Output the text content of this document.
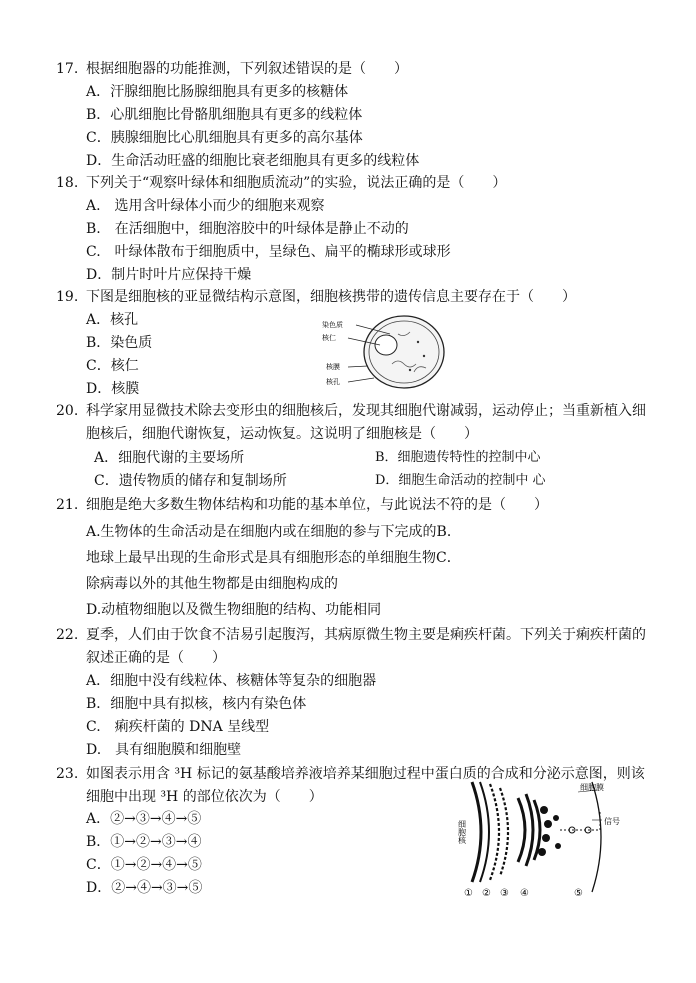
17. 根据细胞器的功能推测，下列叙述错误的是（　　）
A．汗腺细胞比肠腺细胞具有更多的核糖体
B．心肌细胞比骨骼肌细胞具有更多的线粒体
C．胰腺细胞比心肌细胞具有更多的高尔基体
D．生命活动旺盛的细胞比衰老细胞具有更多的线粒体
18. 下列关于“观察叶绿体和细胞质流动”的实验，说法正确的是（　　）
A.　选用含叶绿体小而少的细胞来观察
B.　在活细胞中，细胞溶胶中的叶绿体是静止不动的
C.　叶绿体散布于细胞质中，呈绿色、扁平的椭球形或球形
D．制片时叶片应保持干燥
19. 下图是细胞核的亚显微结构示意图，细胞核携带的遗传信息主要存在于（　　）
A．核孔
B．染色质
C．核仁
D．核膜
染色质
核仁
核膜
核孔
20. 科学家用显微技术除去变形虫的细胞核后，发现其细胞代谢减弱，运动停止；当重新植入细
胞核后，细胞代谢恢复，运动恢复。这说明了细胞核是（　　）
A．细胞代谢的主要场所	B．细胞遗传特性的控制中心
C．遗传物质的储存和复制场所	D．细胞生命活动的控制中 心
21. 细胞是绝大多数生物体结构和功能的基本单位，与此说法不符的是（　　）
A.生物体的生命活动是在细胞内或在细胞的参与下完成的B．
地球上最早出现的生命形式是具有细胞形态的单细胞生物C．
除病毒以外的其他生物都是由细胞构成的
D.动植物细胞以及微生物细胞的结构、功能相同
22. 夏季，人们由于饮食不洁易引起腹泻，其病原微生物主要是痢疾杆菌。下列关于痢疾杆菌的
叙述正确的是（　　）
A．细胞中没有线粒体、核糖体等复杂的细胞器
B．细胞中具有拟核，核内有染色体
C.　痢疾杆菌的 DNA 呈线型
D.　具有细胞膜和细胞壁
23. 如图表示用含 ³H 标记的氨基酸培养液培养某细胞过程中蛋白质的合成和分泌示意图，则该
细胞中出现 ³H 的部位依次为（　　）
A．②→③→④→⑤
B．①→②→③→④
C．①→②→④→⑤
D．②→④→③→⑤
细胞核
细胞膜
信号
① ② ③ ④	⑤
